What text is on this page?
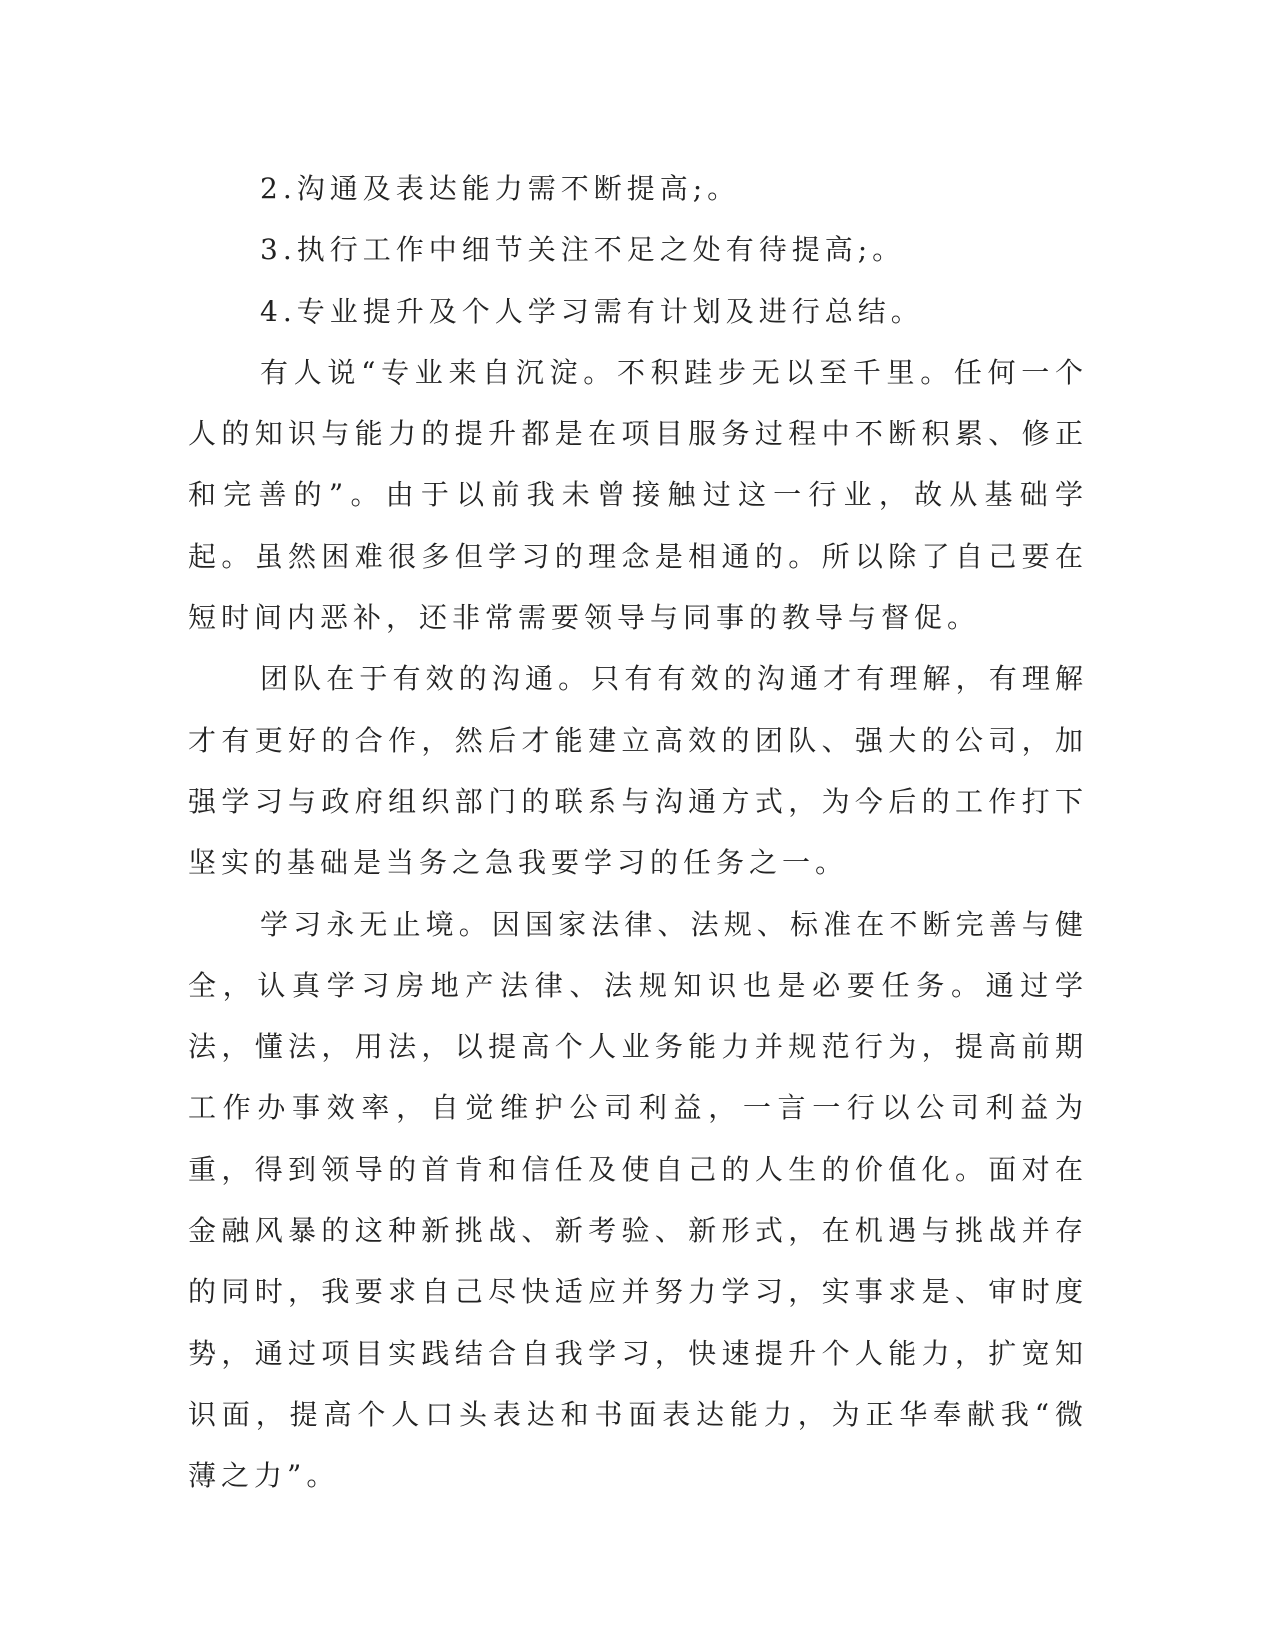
2.沟通及表达能力需不断提高;。

3.执行工作中细节关注不足之处有待提高;。

4.专业提升及个人学习需有计划及进行总结。

有人说“专业来自沉淀。不积跬步无以至千里。任何一个人的知识与能力的提升都是在项目服务过程中不断积累、修正和完善的”。由于以前我未曾接触过这一行业，故从基础学起。虽然困难很多但学习的理念是相通的。所以除了自己要在短时间内恶补，还非常需要领导与同事的教导与督促。

团队在于有效的沟通。只有有效的沟通才有理解，有理解才有更好的合作，然后才能建立高效的团队、强大的公司，加强学习与政府组织部门的联系与沟通方式，为今后的工作打下坚实的基础是当务之急我要学习的任务之一。

学习永无止境。因国家法律、法规、标准在不断完善与健全，认真学习房地产法律、法规知识也是必要任务。通过学法，懂法，用法，以提高个人业务能力并规范行为，提高前期工作办事效率，自觉维护公司利益，一言一行以公司利益为重，得到领导的首肯和信任及使自己的人生的价值化。面对在金融风暴的这种新挑战、新考验、新形式，在机遇与挑战并存的同时，我要求自己尽快适应并努力学习，实事求是、审时度势，通过项目实践结合自我学习，快速提升个人能力，扩宽知识面，提高个人口头表达和书面表达能力，为正华奉献我“微薄之力”。
